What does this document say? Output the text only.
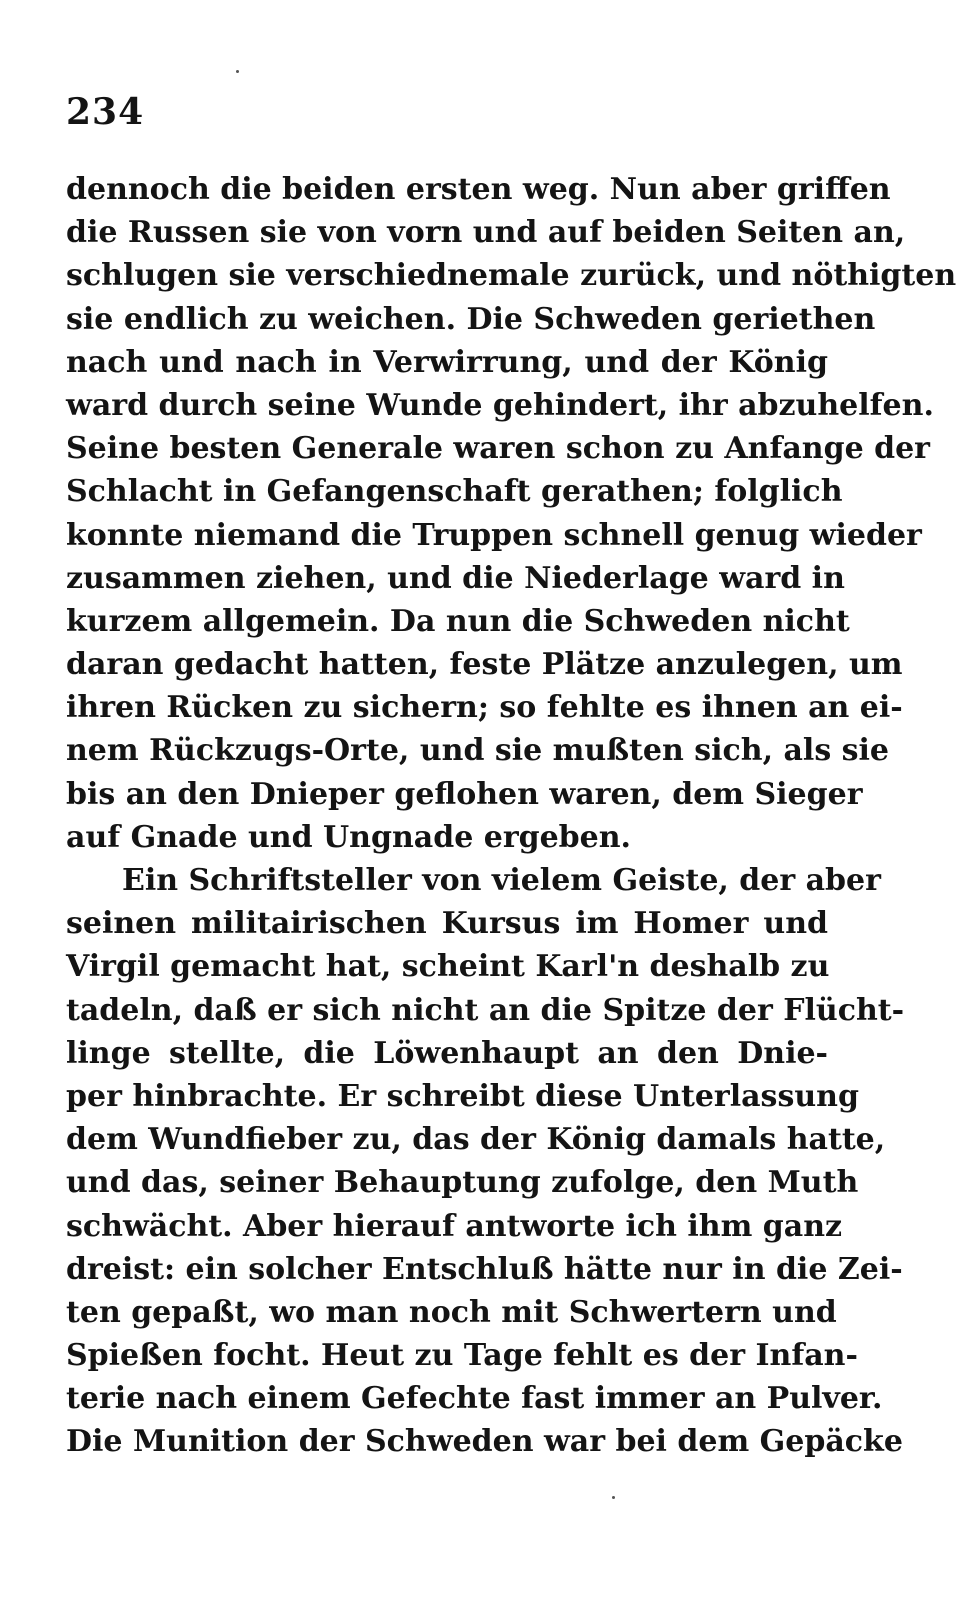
234
dennoch die beiden ersten weg. Nun aber griffen
die Russen sie von vorn und auf beiden Seiten an,
schlugen sie verschiednemale zurück, und nöthigten
sie endlich zu weichen. Die Schweden geriethen
nach und nach in Verwirrung, und der König
ward durch seine Wunde gehindert, ihr abzuhelfen.
Seine besten Generale waren schon zu Anfange der
Schlacht in Gefangenschaft gerathen; folglich
konnte niemand die Truppen schnell genug wieder
zusammen ziehen, und die Niederlage ward in
kurzem allgemein. Da nun die Schweden nicht
daran gedacht hatten, feste Plätze anzulegen, um
ihren Rücken zu sichern; so fehlte es ihnen an ei-
nem Rückzugs-Orte, und sie mußten sich, als sie
bis an den Dnieper geflohen waren, dem Sieger
auf Gnade und Ungnade ergeben.
Ein Schriftsteller von vielem Geiste, der aber
seinen militairischen Kursus im Homer und
Virgil gemacht hat, scheint Karl'n deshalb zu
tadeln, daß er sich nicht an die Spitze der Flücht-
linge stellte, die Löwenhaupt an den Dnie-
per hinbrachte. Er schreibt diese Unterlassung
dem Wundfieber zu, das der König damals hatte,
und das, seiner Behauptung zufolge, den Muth
schwächt. Aber hierauf antworte ich ihm ganz
dreist: ein solcher Entschluß hätte nur in die Zei-
ten gepaßt, wo man noch mit Schwertern und
Spießen focht. Heut zu Tage fehlt es der Infan-
terie nach einem Gefechte fast immer an Pulver.
Die Munition der Schweden war bei dem Gepäcke
